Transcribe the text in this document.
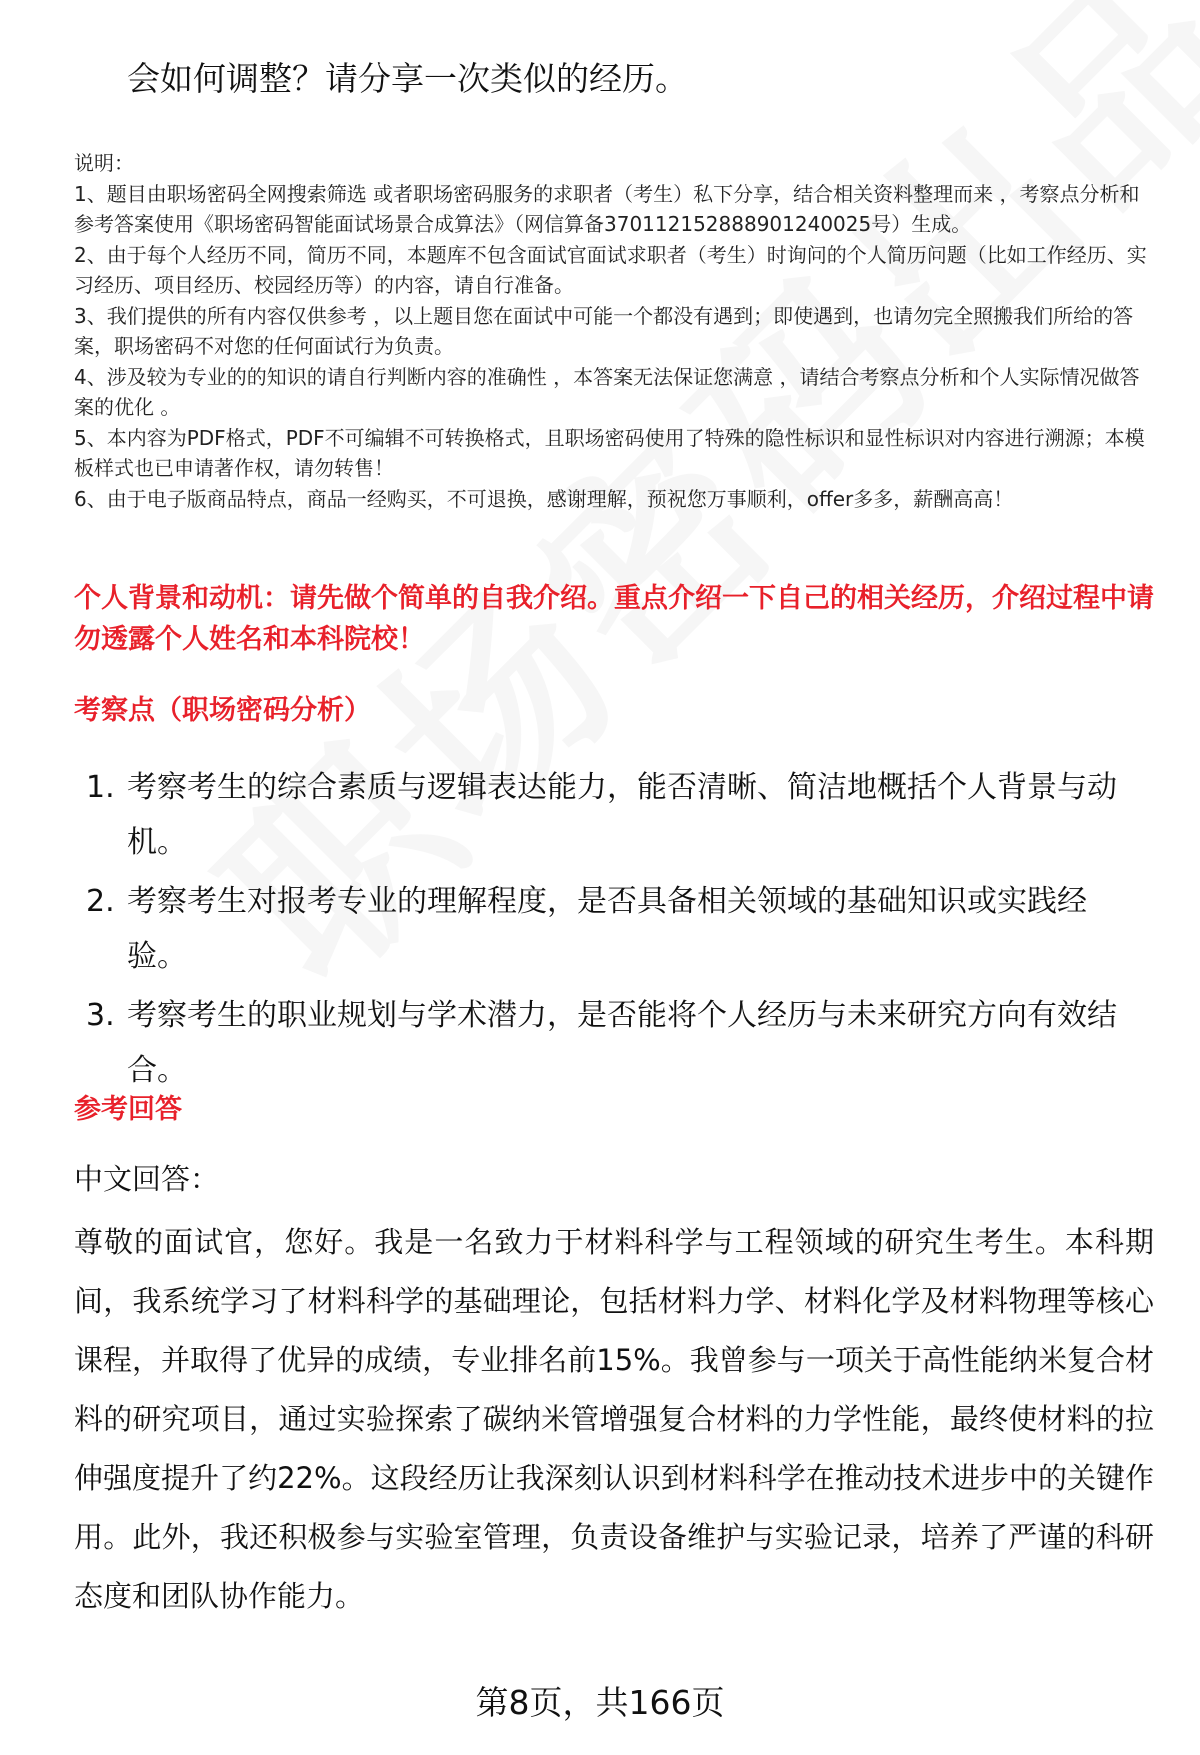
会如何调整？请分享一次类似的经历。

说明：

1、题目由职场密码全网搜索筛选 或者职场密码服务的求职者（考生）私下分享，结合相关资料整理而来 ，考察点分析和参考答案使用《职场密码智能面试场景合成算法》（网信算备370112152888901240025号）生成。

2、由于每个人经历不同，简历不同，本题库不包含面试官面试求职者（考生）时询问的个人简历问题（比如工作经历、实习经历、项目经历、校园经历等）的内容，请自行准备。

3、我们提供的所有内容仅供参考 ，以上题目您在面试中可能一个都没有遇到；即使遇到，也请勿完全照搬我们所给的答案，职场密码不对您的任何面试行为负责。

4、涉及较为专业的的知识的请自行判断内容的准确性 ，本答案无法保证您满意 ，请结合考察点分析和个人实际情况做答案的优化 。

5、本内容为PDF格式，PDF不可编辑不可转换格式，且职场密码使用了特殊的隐性标识和显性标识对内容进行溯源；本模板样式也已申请著作权，请勿转售！

6、由于电子版商品特点，商品一经购买，不可退换，感谢理解，预祝您万事顺利，offer多多，薪酬高高！

个人背景和动机：请先做个简单的自我介绍。重点介绍一下自己的相关经历，介绍过程中请勿透露个人姓名和本科院校！
考察点（职场密码分析）
1. 考察考生的综合素质与逻辑表达能力，能否清晰、简洁地概括个人背景与动机。
2. 考察考生对报考专业的理解程度，是否具备相关领域的基础知识或实践经验。
3. 考察考生的职业规划与学术潜力，是否能将个人经历与未来研究方向有效结合。
参考回答
中文回答：

尊敬的面试官，您好。我是一名致力于材料科学与工程领域的研究生考生。本科期间，我系统学习了材料科学的基础理论，包括材料力学、材料化学及材料物理等核心课程，并取得了优异的成绩，专业排名前15%。我曾参与一项关于高性能纳米复合材料的研究项目，通过实验探索了碳纳米管增强复合材料的力学性能，最终使材料的拉伸强度提升了约22%。这段经历让我深刻认识到材料科学在推动技术进步中的关键作用。此外，我还积极参与实验室管理，负责设备维护与实验记录，培养了严谨的科研态度和团队协作能力。

第8页，共166页
